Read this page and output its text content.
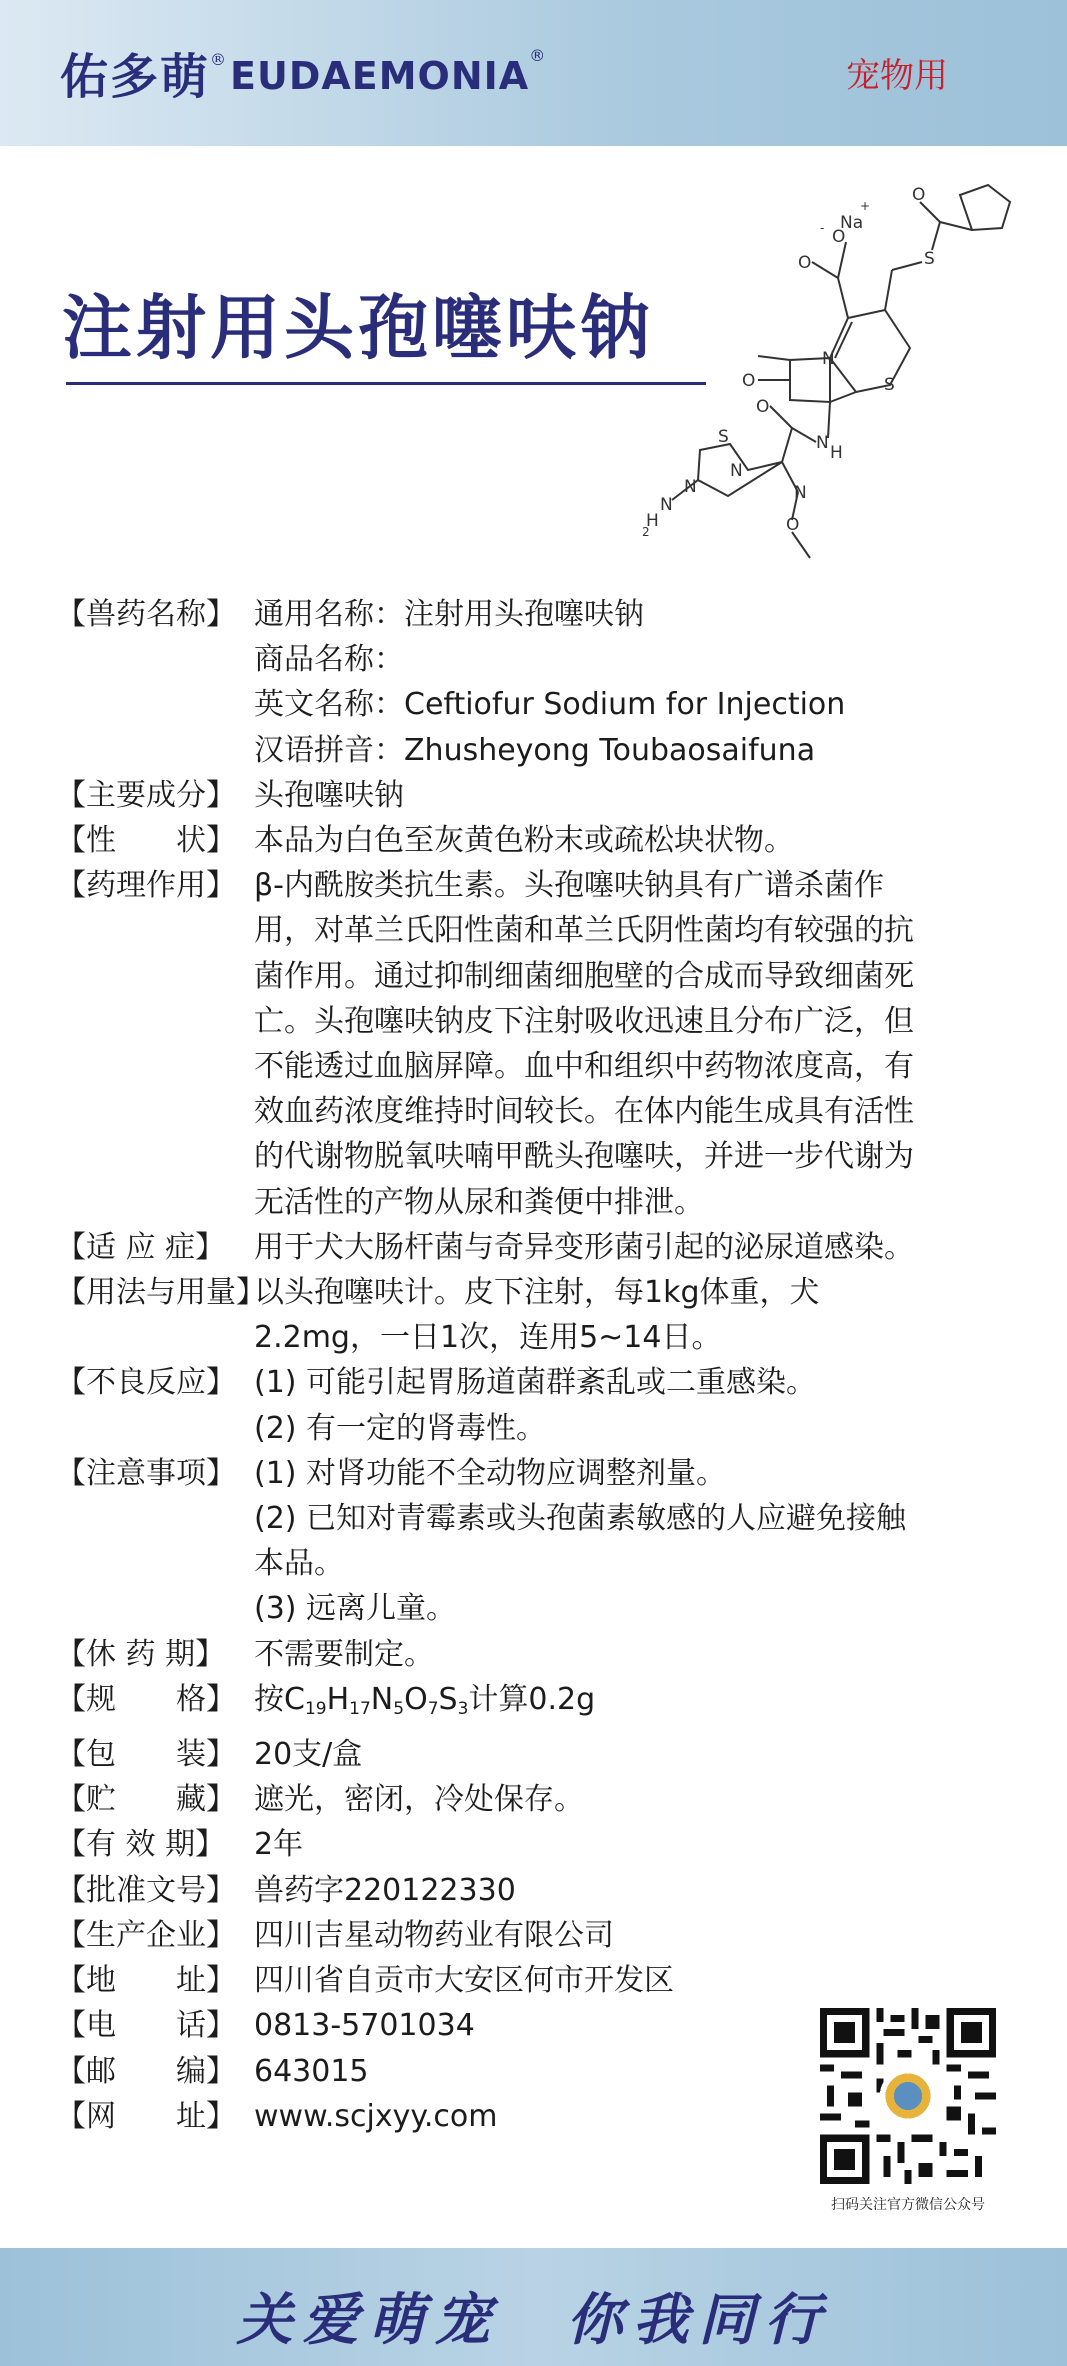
佑多萌® EUDAEMONIA®
宠物用
注射用头孢噻呋钠
O
Na
+
- O
S
O
N
S
O
N H
O
N
S
N
H
2
N
O
N
【兽药名称】 通用名称：注射用头孢噻呋钠
商品名称：
英文名称：Ceftiofur Sodium for Injection
汉语拼音：Zhusheyong Toubaosaifuna
【主要成分】 头孢噻呋钠
【性　　状】 本品为白色至灰黄色粉末或疏松块状物。
【药理作用】 β-内酰胺类抗生素。头孢噻呋钠具有广谱杀菌作
用，对革兰氏阳性菌和革兰氏阴性菌均有较强的抗
菌作用。通过抑制细菌细胞壁的合成而导致细菌死
亡。头孢噻呋钠皮下注射吸收迅速且分布广泛，但
不能透过血脑屏障。血中和组织中药物浓度高，有
效血药浓度维持时间较长。在体内能生成具有活性
的代谢物脱氧呋喃甲酰头孢噻呋，并进一步代谢为
无活性的产物从尿和粪便中排泄。
【适 应 症】 用于犬大肠杆菌与奇异变形菌引起的泌尿道感染。
【用法与用量】
以头孢噻呋计。皮下注射，每1kg体重，犬
2.2mg，一日1次，连用5~14日。
【不良反应】 (1) 可能引起胃肠道菌群紊乱或二重感染。
(2) 有一定的肾毒性。
【注意事项】 (1) 对肾功能不全动物应调整剂量。
(2) 已知对青霉素或头孢菌素敏感的人应避免接触
本品。
(3) 远离儿童。
【休 药 期】 不需要制定。
【规　　格】 按$C_{19}H_{17}N_5O_7S_3$计算0.2g
【包　　装】 20支/盒
【贮　　藏】 遮光，密闭，冷处保存。
【有 效 期】 2年
【批准文号】 兽药字220122330
【生产企业】 四川吉星动物药业有限公司
【地　　址】 四川省自贡市大安区何市开发区
【电　　话】 0813-5701034
【邮　　编】 643015
【网　　址】 www.scjxyy.com
扫码关注官方微信公众号
关爱萌宠　你我同行
